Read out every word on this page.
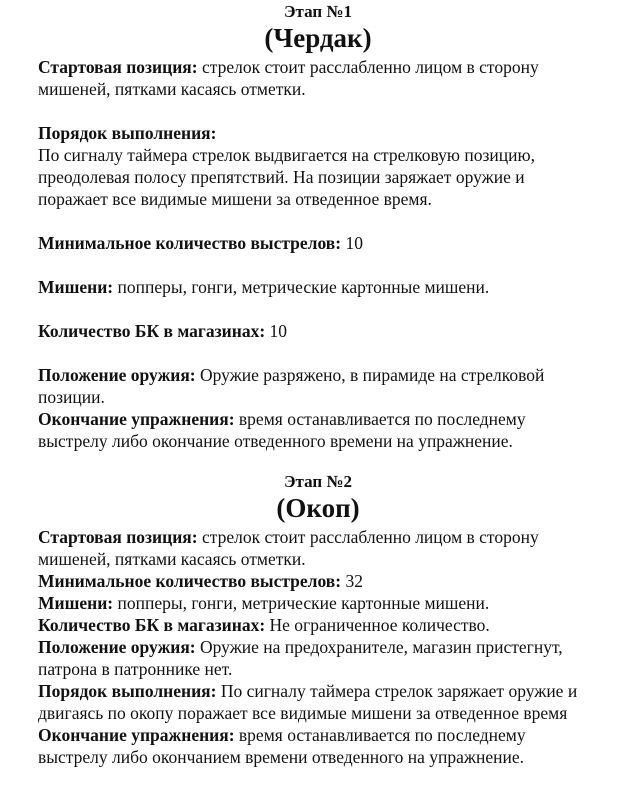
Этап №1
(Чердак)

Стартовая позиция: стрелок стоит расслабленно лицом в сторону мишеней, пятками касаясь отметки.

Порядок выполнения:

По сигналу таймера стрелок выдвигается на стрелковую позицию, преодолевая полосу препятствий. На позиции заряжает оружие и поражает все видимые мишени за отведенное время.

Минимальное количество выстрелов: 10

Мишени: попперы, гонги, метрические картонные мишени.

Количество БК в магазинах: 10

Положение оружия: Оружие разряжено, в пирамиде на стрелковой позиции.

Окончание упражнения: время останавливается по последнему выстрелу либо окончание отведенного времени на упражнение.

Этап №2
(Окоп)

Стартовая позиция: стрелок стоит расслабленно лицом в сторону мишеней, пятками касаясь отметки.

Минимальное количество выстрелов: 32

Мишени: попперы, гонги, метрические картонные мишени.

Количество БК в магазинах: Не ограниченное количество.

Положение оружия: Оружие на предохранителе, магазин пристегнут, патрона в патроннике нет.

Порядок выполнения: По сигналу таймера стрелок заряжает оружие и двигаясь по окопу поражает все видимые мишени за отведенное время

Окончание упражнения: время останавливается по последнему выстрелу либо окончанием времени отведенного на упражнение.
